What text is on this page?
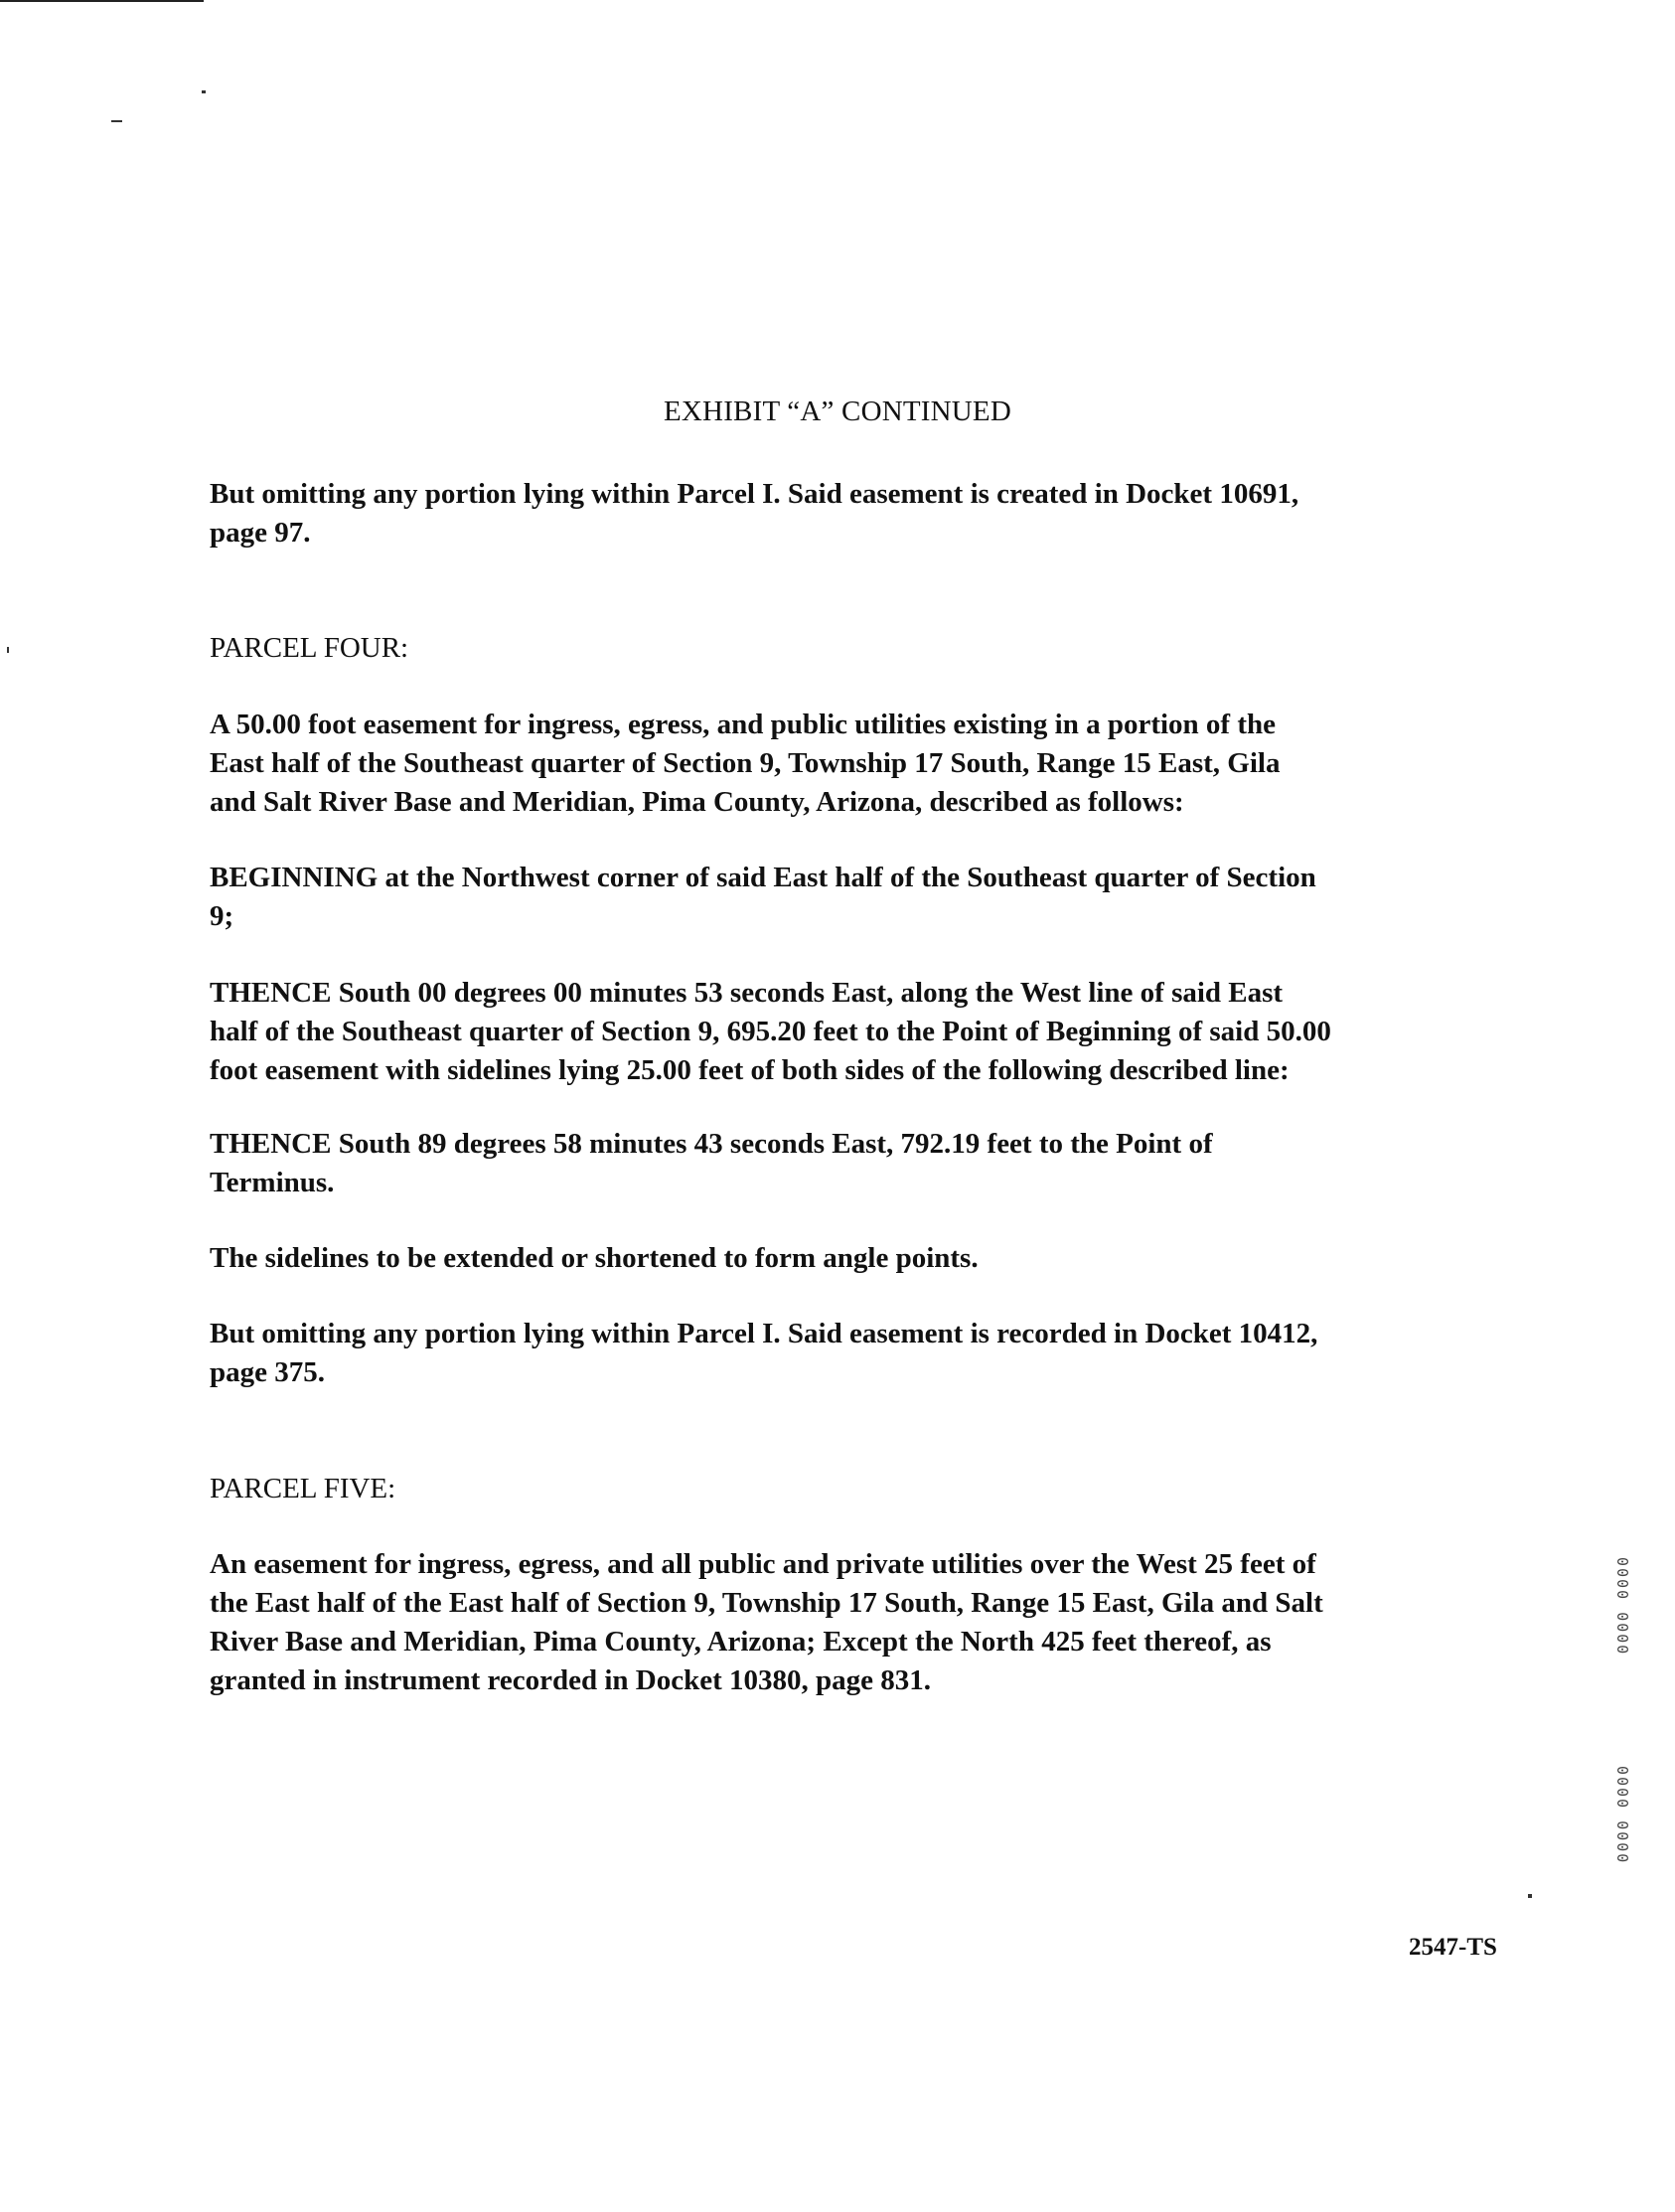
EXHIBIT “A” CONTINUED
But omitting any portion lying within Parcel I. Said easement is created in Docket 10691,
page 97.
PARCEL FOUR:
A 50.00 foot easement for ingress, egress, and public utilities existing in a portion of the
East half of the Southeast quarter of Section 9, Township 17 South, Range 15 East, Gila
and Salt River Base and Meridian, Pima County, Arizona, described as follows:
BEGINNING at the Northwest corner of said East half of the Southeast quarter of Section
9;
THENCE South 00 degrees 00 minutes 53 seconds East, along the West line of said East
half of the Southeast quarter of Section 9, 695.20 feet to the Point of Beginning of said 50.00
foot easement with sidelines lying 25.00 feet of both sides of the following described line:
THENCE South 89 degrees 58 minutes 43 seconds East, 792.19 feet to the Point of
Terminus.
The sidelines to be extended or shortened to form angle points.
But omitting any portion lying within Parcel I. Said easement is recorded in Docket 10412,
page 375.
PARCEL FIVE:
An easement for ingress, egress, and all public and private utilities over the West 25 feet of
the East half of the East half of Section 9, Township 17 South, Range 15 East, Gila and Salt
River Base and Meridian, Pima County, Arizona; Except the North 425 feet thereof, as
granted in instrument recorded in Docket 10380, page 831.
2547-TS
0000 0000
0000 0000
